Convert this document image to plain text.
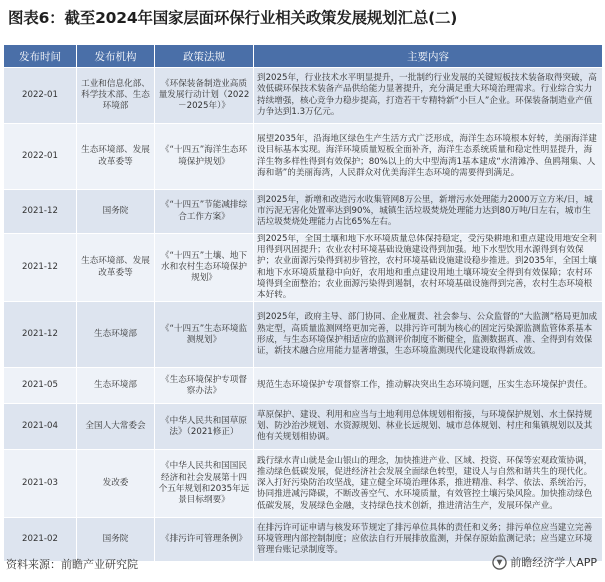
图表6：截至2024年国家层面环保行业相关政策发展规划汇总(二)
发布时间	发布机构	政策法规	主要内容
2022-01	工业和信息化部、科学技术部、生态环境部	《环保装备制造业高质量发展行动计划（2022－2025年）》	到2025年，行业技术水平明显提升，一批制约行业发展的关键短板技术装备取得突破，高效低碳环保技术装备产品供给能力显著提升，充分满足重大环境治理需求。行业综合实力持续增强，核心竞争力稳步提高，打造若干专精特新“小巨人”企业。环保装备制造业产值力争达到1.3万亿元。
2022-01	生态环境部、发展改革委等	《“十四五”海洋生态环境保护规划》	展望2035年，沿海地区绿色生产生活方式广泛形成，海洋生态环境根本好转，美丽海洋建设目标基本实现。海洋环境质量短板全面补齐，海洋生态系统质量和稳定性明显提升，海洋生物多样性得到有效保护；80%以上的大中型海湾1基本建成“水清滩净、鱼鸥翔集、人海和谐”的美丽海湾，人民群众对优美海洋生态环境的需要得到满足。
2021-12	国务院	《“十四五”节能减排综合工作方案》	到2025年，新增和改造污水收集管网8万公里，新增污水处理能力2000万立方米/日，城市污泥无害化处置率达到90%，城镇生活垃圾焚烧处理能力达到80万吨/日左右，城市生活垃圾焚烧处理能力占比65%左右。
2021-12	生态环境部、发展改革委等	《“十四五”土壤、地下水和农村生态环境保护规划》	到2025年，全国土壤和地下水环境质量总体保持稳定，受污染耕地和重点建设用地安全利用得到巩固提升；农业农村环境基础设施建设得到加强。地下水型饮用水源得到有效保护；农业面源污染得到初步管控，农村环境基础设施建设稳步推进。到2035年，全国土壤和地下水环境质量稳中向好，农用地和重点建设用地土壤环境安全得到有效保障；农村环境得到全面整治；农业面源污染得到遏制，农村环境基础设施得到完善，农村生态环境根本好转。
2021-12	生态环境部	《“十四五”生态环境监测规划》	到2025年，政府主导、部门协同、企业履责、社会参与、公众监督的“大监测”格局更加成熟定型，高质量监测网络更加完善，以排污许可制为核心的固定污染源监测监管体系基本形成，与生态环境保护相适应的监测评价制度不断健全，监测数据真、准、全得到有效保证，新技术融合应用能力显著增强，生态环境监测现代化建设取得新成效。
2021-05	生态环境部	《生态环境保护专项督察办法》	规范生态环境保护专项督察工作，推动解决突出生态环境问题，压实生态环境保护责任。
2021-04	全国人大常委会	《中华人民共和国草原法》（2021修正）	草原保护、建设、利用和应当与土地利用总体规划相衔接，与环境保护规划、水土保持规划、防沙治沙规划、水资源规划、林业长远规划、城市总体规划、村庄和集镇规划以及其他有关规划相协调。
2021-03	发改委	《中华人民共和国国民经济和社会发展第十四个五年规划和2035年远景目标纲要》	践行绿水青山就是金山银山的理念，加快推进产业、区域、投资、环保等宏观政策协调，推动绿色低碳发展，促进经济社会发展全面绿色转型，建设人与自然和谐共生的现代化。深入打好污染防治攻坚战，建立健全环境治理体系，推进精准、科学、依法、系统治污，协同推进减污降碳，不断改善空气、水环境质量，有效管控土壤污染风险。加快推动绿色低碳发展，发展绿色金融，支持绿色技术创新，推进清洁生产，发展环保产业。
2021-02	国务院	《排污许可管理条例》	在排污许可证申请与核发环节规定了排污单位具体的责任和义务；排污单位应当建立完善环境管理内部控制制度；应依法自行开展排放监测，并保存原始监测记录；应当建立环境管理台账记录制度等。
资料来源：前瞻产业研究院	前瞻经济学人APP
